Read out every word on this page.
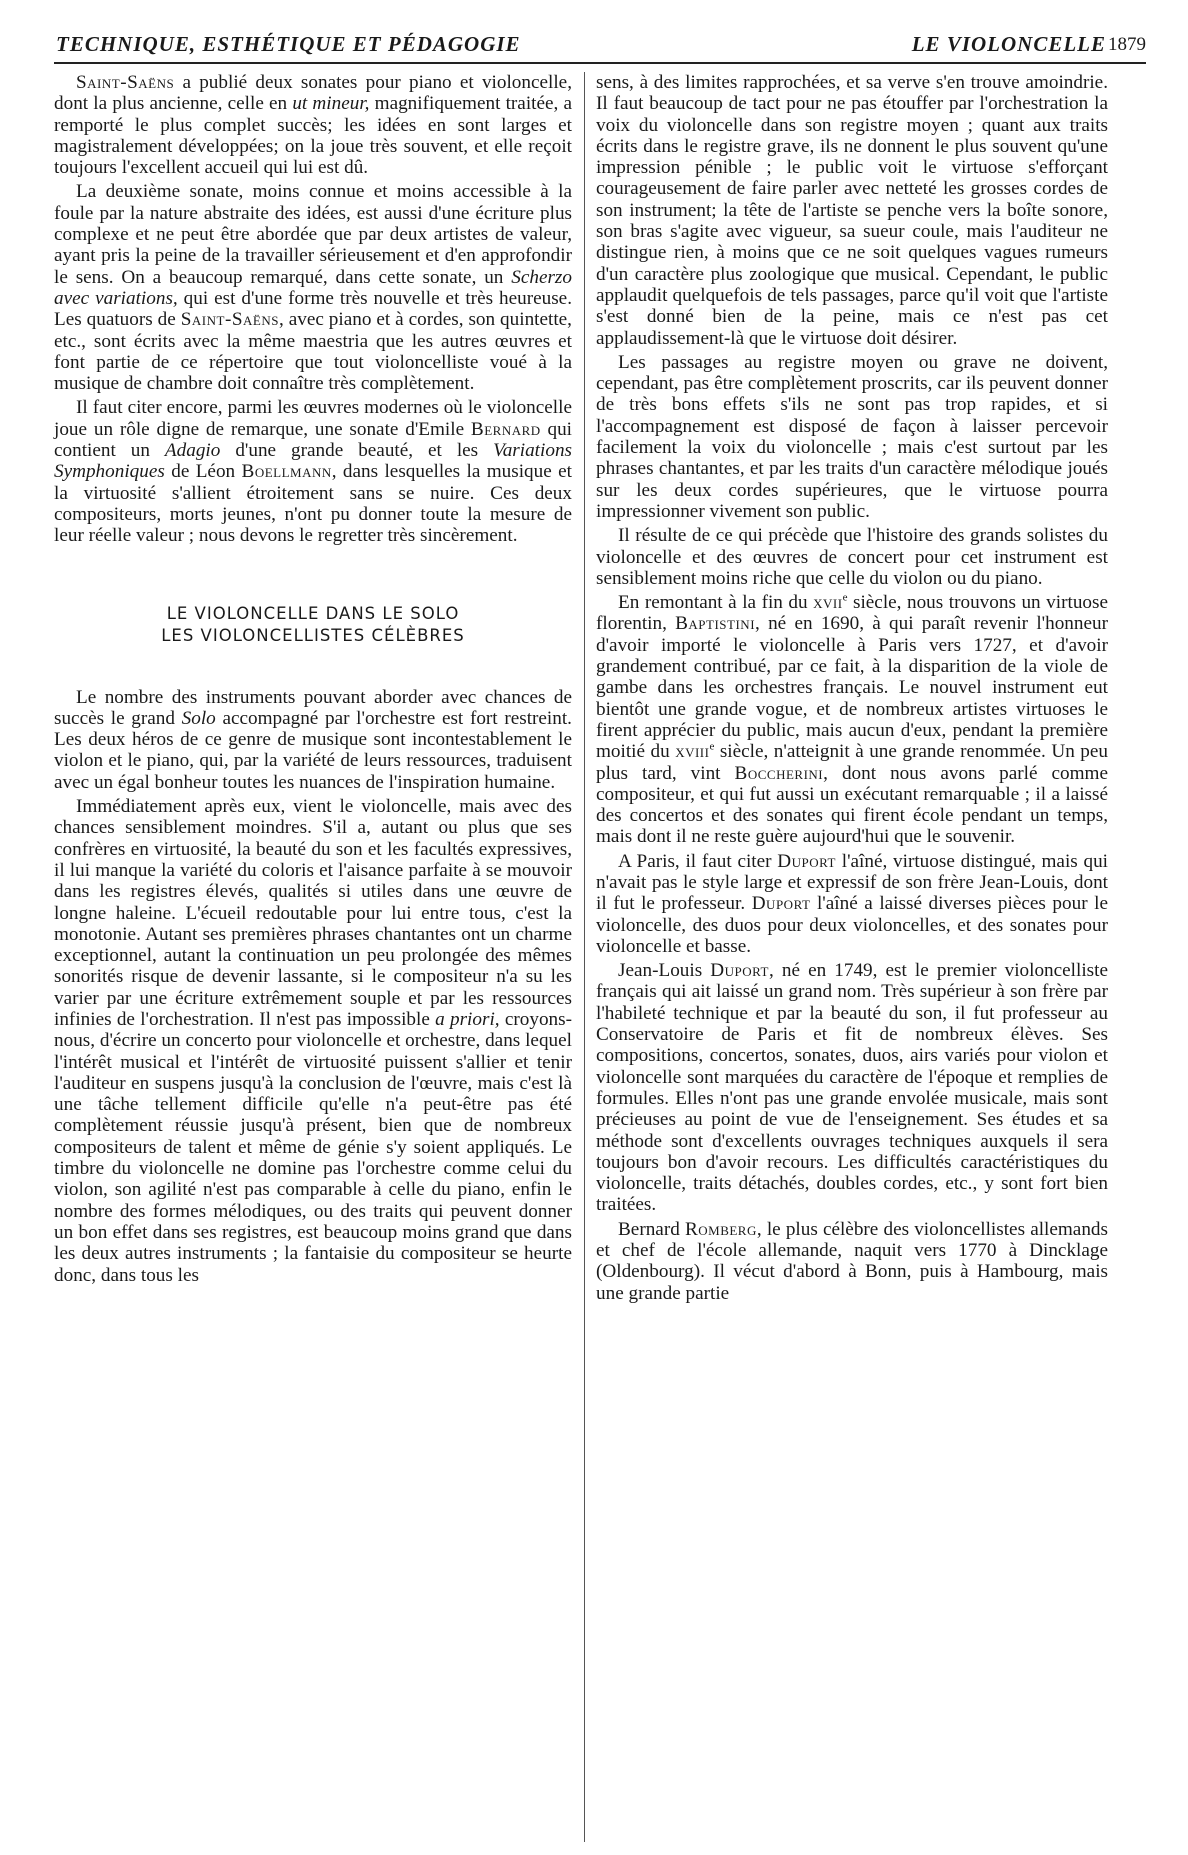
TECHNIQUE, ESTHÉTIQUE ET PÉDAGOGIE	LE VIOLONCELLE 1879

Saint-Saëns a publié deux sonates pour piano et violoncelle, dont la plus ancienne, celle en ut mineur, magnifiquement traitée, a remporté le plus complet succès; les idées en sont larges et magistralement développées; on la joue très souvent, et elle reçoit toujours l'excellent accueil qui lui est dû.

La deuxième sonate, moins connue et moins accessible à la foule par la nature abstraite des idées, est aussi d'une écriture plus complexe et ne peut être abordée que par deux artistes de valeur, ayant pris la peine de la travailler sérieusement et d'en approfondir le sens. On a beaucoup remarqué, dans cette sonate, un Scherzo avec variations, qui est d'une forme très nouvelle et très heureuse. Les quatuors de Saint-Saëns, avec piano et à cordes, son quintette, etc., sont écrits avec la même maestria que les autres œuvres et font partie de ce répertoire que tout violoncelliste voué à la musique de chambre doit connaître très complètement.

Il faut citer encore, parmi les œuvres modernes où le violoncelle joue un rôle digne de remarque, une sonate d'Emile Bernard qui contient un Adagio d'une grande beauté, et les Variations Symphoniques de Léon Boellmann, dans lesquelles la musique et la virtuosité s'allient étroitement sans se nuire. Ces deux compositeurs, morts jeunes, n'ont pu donner toute la mesure de leur réelle valeur ; nous devons le regretter très sincèrement.

LE VIOLONCELLE DANS LE SOLO
LES VIOLONCELLISTES CÉLÈBRES

Le nombre des instruments pouvant aborder avec chances de succès le grand Solo accompagné par l'orchestre est fort restreint. Les deux héros de ce genre de musique sont incontestablement le violon et le piano, qui, par la variété de leurs ressources, traduisent avec un égal bonheur toutes les nuances de l'inspiration humaine.

Immédiatement après eux, vient le violoncelle, mais avec des chances sensiblement moindres. S'il a, autant ou plus que ses confrères en virtuosité, la beauté du son et les facultés expressives, il lui manque la variété du coloris et l'aisance parfaite à se mouvoir dans les registres élevés, qualités si utiles dans une œuvre de longne haleine. L'écueil redoutable pour lui entre tous, c'est la monotonie. Autant ses premières phrases chantantes ont un charme exceptionnel, autant la continuation un peu prolongée des mêmes sonorités risque de devenir lassante, si le compositeur n'a su les varier par une écriture extrêmement souple et par les ressources infinies de l'orchestration. Il n'est pas impossible a priori, croyons-nous, d'écrire un concerto pour violoncelle et orchestre, dans lequel l'intérêt musical et l'intérêt de virtuosité puissent s'allier et tenir l'auditeur en suspens jusqu'à la conclusion de l'œuvre, mais c'est là une tâche tellement difficile qu'elle n'a peut-être pas été complètement réussie jusqu'à présent, bien que de nombreux compositeurs de talent et même de génie s'y soient appliqués. Le timbre du violoncelle ne domine pas l'orchestre comme celui du violon, son agilité n'est pas comparable à celle du piano, enfin le nombre des formes mélodiques, ou des traits qui peuvent donner un bon effet dans ses registres, est beaucoup moins grand que dans les deux autres instruments ; la fantaisie du compositeur se heurte donc, dans tous les

sens, à des limites rapprochées, et sa verve s'en trouve amoindrie. Il faut beaucoup de tact pour ne pas étouffer par l'orchestration la voix du violoncelle dans son registre moyen ; quant aux traits écrits dans le registre grave, ils ne donnent le plus souvent qu'une impression pénible ; le public voit le virtuose s'efforçant courageusement de faire parler avec netteté les grosses cordes de son instrument; la tête de l'artiste se penche vers la boîte sonore, son bras s'agite avec vigueur, sa sueur coule, mais l'auditeur ne distingue rien, à moins que ce ne soit quelques vagues rumeurs d'un caractère plus zoologique que musical. Cependant, le public applaudit quelquefois de tels passages, parce qu'il voit que l'artiste s'est donné bien de la peine, mais ce n'est pas cet applaudissement-là que le virtuose doit désirer.

Les passages au registre moyen ou grave ne doivent, cependant, pas être complètement proscrits, car ils peuvent donner de très bons effets s'ils ne sont pas trop rapides, et si l'accompagnement est disposé de façon à laisser percevoir facilement la voix du violoncelle ; mais c'est surtout par les phrases chantantes, et par les traits d'un caractère mélodique joués sur les deux cordes supérieures, que le virtuose pourra impressionner vivement son public.

Il résulte de ce qui précède que l'histoire des grands solistes du violoncelle et des œuvres de concert pour cet instrument est sensiblement moins riche que celle du violon ou du piano.

En remontant à la fin du xvii$^e$ siècle, nous trouvons un virtuose florentin, Baptistini, né en 1690, à qui paraît revenir l'honneur d'avoir importé le violoncelle à Paris vers 1727, et d'avoir grandement contribué, par ce fait, à la disparition de la viole de gambe dans les orchestres français. Le nouvel instrument eut bientôt une grande vogue, et de nombreux artistes virtuoses le firent apprécier du public, mais aucun d'eux, pendant la première moitié du xviii$^e$ siècle, n'atteignit à une grande renommée. Un peu plus tard, vint Boccherini, dont nous avons parlé comme compositeur, et qui fut aussi un exécutant remarquable ; il a laissé des concertos et des sonates qui firent école pendant un temps, mais dont il ne reste guère aujourd'hui que le souvenir.

A Paris, il faut citer Duport l'aîné, virtuose distingué, mais qui n'avait pas le style large et expressif de son frère Jean-Louis, dont il fut le professeur. Duport l'aîné a laissé diverses pièces pour le violoncelle, des duos pour deux violoncelles, et des sonates pour violoncelle et basse.

Jean-Louis Duport, né en 1749, est le premier violoncelliste français qui ait laissé un grand nom. Très supérieur à son frère par l'habileté technique et par la beauté du son, il fut professeur au Conservatoire de Paris et fit de nombreux élèves. Ses compositions, concertos, sonates, duos, airs variés pour violon et violoncelle sont marquées du caractère de l'époque et remplies de formules. Elles n'ont pas une grande envolée musicale, mais sont précieuses au point de vue de l'enseignement. Ses études et sa méthode sont d'excellents ouvrages techniques auxquels il sera toujours bon d'avoir recours. Les difficultés caractéristiques du violoncelle, traits détachés, doubles cordes, etc., y sont fort bien traitées.

Bernard Romberg, le plus célèbre des violoncellistes allemands et chef de l'école allemande, naquit vers 1770 à Dincklage (Oldenbourg). Il vécut d'abord à Bonn, puis à Hambourg, mais une grande partie
